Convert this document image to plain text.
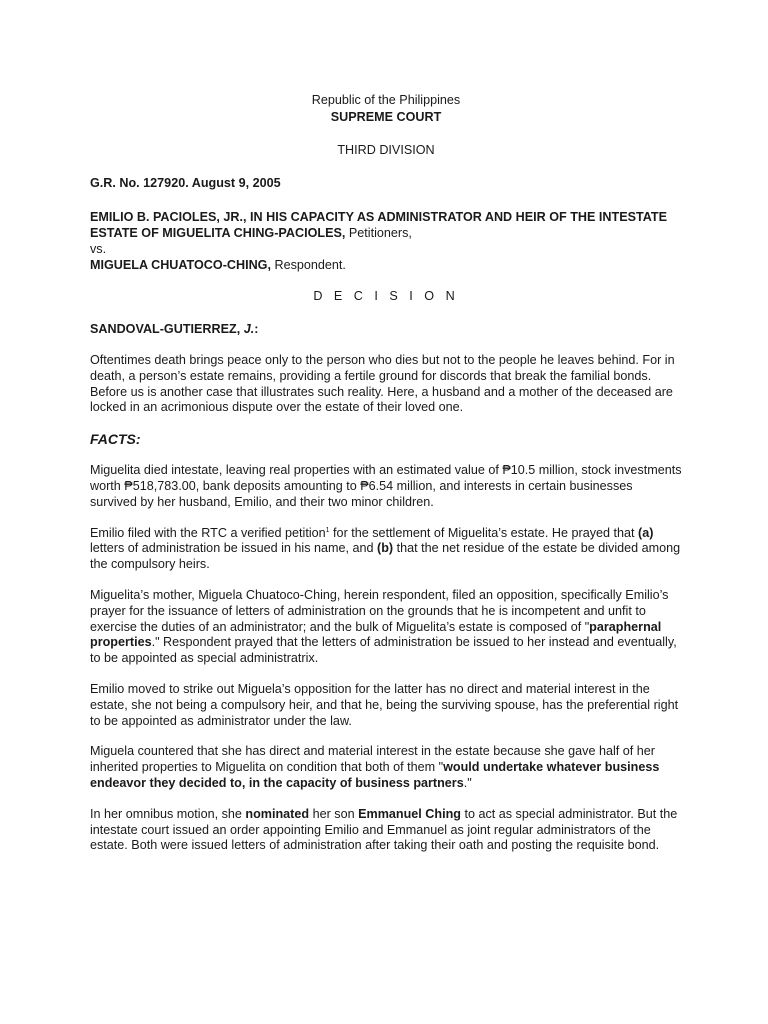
Republic of the Philippines

SUPREME COURT

THIRD DIVISION
G.R. No. 127920. August 9, 2005
EMILIO B. PACIOLES, JR., IN HIS CAPACITY AS ADMINISTRATOR AND HEIR OF THE INTESTATE ESTATE OF MIGUELITA CHING-PACIOLES, Petitioners,
vs.
MIGUELA CHUATOCO-CHING, Respondent.
D E C I S I O N
SANDOVAL-GUTIERREZ, J.:
Oftentimes death brings peace only to the person who dies but not to the people he leaves behind. For in death, a person’s estate remains, providing a fertile ground for discords that break the familial bonds. Before us is another case that illustrates such reality. Here, a husband and a mother of the deceased are locked in an acrimonious dispute over the estate of their loved one.
FACTS:
Miguelita died intestate, leaving real properties with an estimated value of ₱10.5 million, stock investments worth ₱518,783.00, bank deposits amounting to ₱6.54 million, and interests in certain businesses survived by her husband, Emilio, and their two minor children.
Emilio filed with the RTC a verified petition$^1$ for the settlement of Miguelita’s estate. He prayed that (a) letters of administration be issued in his name, and (b) that the net residue of the estate be divided among the compulsory heirs.
Miguelita’s mother, Miguela Chuatoco-Ching, herein respondent, filed an opposition, specifically Emilio’s prayer for the issuance of letters of administration on the grounds that he is incompetent and unfit to exercise the duties of an administrator; and the bulk of Miguelita’s estate is composed of "paraphernal properties." Respondent prayed that the letters of administration be issued to her instead and eventually, to be appointed as special administratrix.
Emilio moved to strike out Miguela’s opposition for the latter has no direct and material interest in the estate, she not being a compulsory heir, and that he, being the surviving spouse, has the preferential right to be appointed as administrator under the law.
Miguela countered that she has direct and material interest in the estate because she gave half of her inherited properties to Miguelita on condition that both of them "would undertake whatever business endeavor they decided to, in the capacity of business partners."
In her omnibus motion, she nominated her son Emmanuel Ching to act as special administrator. But the intestate court issued an order appointing Emilio and Emmanuel as joint regular administrators of the estate. Both were issued letters of administration after taking their oath and posting the requisite bond.
